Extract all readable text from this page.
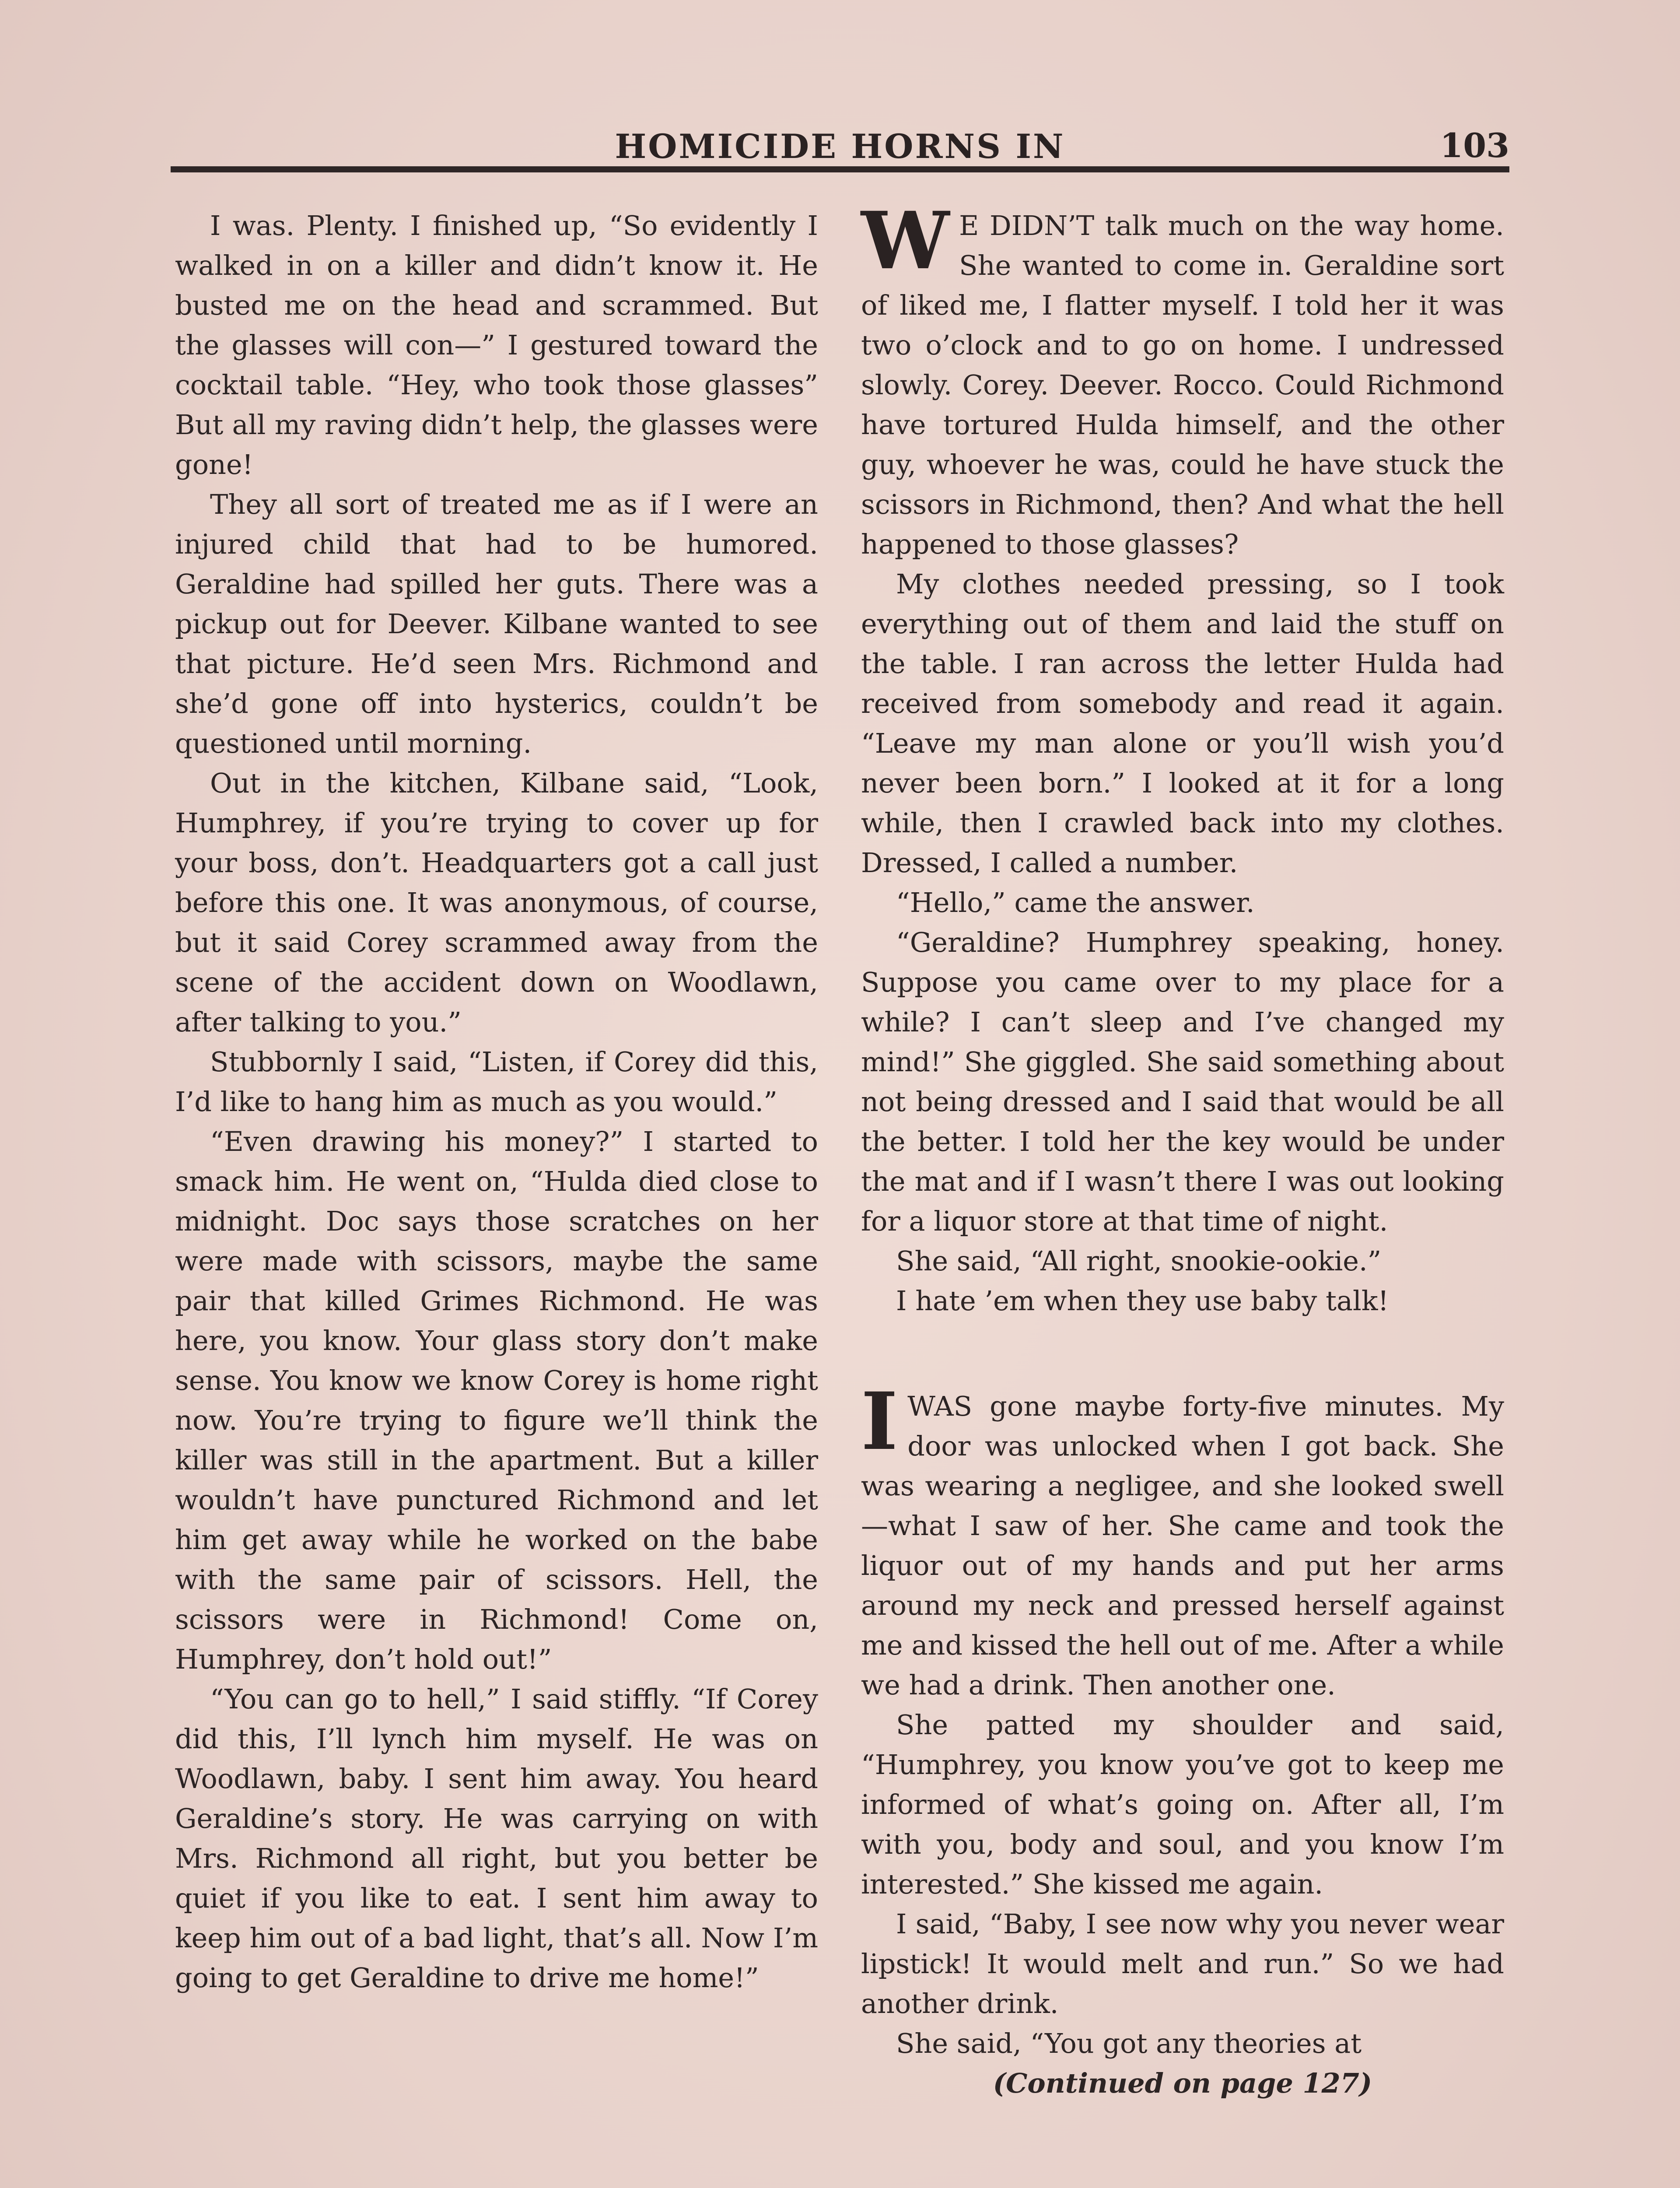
HOMICIDE HORNS IN	103

I was. Plenty. I finished up, “So evidently I walked in on a killer and didn’t know it. He busted me on the head and scrammed. But the glasses will con—” I gestured toward the cocktail table. “Hey, who took those glasses” But all my raving didn’t help, the glasses were gone!

They all sort of treated me as if I were an injured child that had to be humored. Geraldine had spilled her guts. There was a pickup out for Deever. Kilbane wanted to see that picture. He’d seen Mrs. Richmond and she’d gone off into hysterics, couldn’t be questioned until morning.

Out in the kitchen, Kilbane said, “Look, Humphrey, if you’re trying to cover up for your boss, don’t. Headquarters got a call just before this one. It was anonymous, of course, but it said Corey scrammed away from the scene of the accident down on Woodlawn, after talking to you.”

Stubbornly I said, “Listen, if Corey did this, I’d like to hang him as much as you would.”

“Even drawing his money?” I started to smack him. He went on, “Hulda died close to midnight. Doc says those scratches on her were made with scissors, maybe the same pair that killed Grimes Richmond. He was here, you know. Your glass story don’t make sense. You know we know Corey is home right now. You’re trying to figure we’ll think the killer was still in the apartment. But a killer wouldn’t have punctured Richmond and let him get away while he worked on the babe with the same pair of scissors. Hell, the scissors were in Richmond! Come on, Humphrey, don’t hold out!”

“You can go to hell,” I said stiffly. “If Corey did this, I’ll lynch him myself. He was on Woodlawn, baby. I sent him away. You heard Geraldine’s story. He was carrying on with Mrs. Richmond all right, but you better be quiet if you like to eat. I sent him away to keep him out of a bad light, that’s all. Now I’m going to get Geraldine to drive me home!”

W E DIDN’T talk much on the way home. She wanted to come in. Geraldine sort of liked me, I flatter myself. I told her it was two o’clock and to go on home. I undressed slowly. Corey. Deever. Rocco. Could Richmond have tortured Hulda himself, and the other guy, whoever he was, could he have stuck the scissors in Richmond, then? And what the hell happened to those glasses?

My clothes needed pressing, so I took everything out of them and laid the stuff on the table. I ran across the letter Hulda had received from somebody and read it again. “Leave my man alone or you’ll wish you’d never been born.” I looked at it for a long while, then I crawled back into my clothes. Dressed, I called a number.

“Hello,” came the answer.

“Geraldine? Humphrey speaking, honey. Suppose you came over to my place for a while? I can’t sleep and I’ve changed my mind!” She giggled. She said something about not being dressed and I said that would be all the better. I told her the key would be under the mat and if I wasn’t there I was out looking for a liquor store at that time of night.

She said, “All right, snookie-ookie.”

I hate ’em when they use baby talk!

IWAS gone maybe forty-five minutes. My door was unlocked when I got back. She was wearing a negligee, and she looked swell—what I saw of her. She came and took the liquor out of my hands and put her arms around my neck and pressed herself against me and kissed the hell out of me. After a while we had a drink. Then another one.

She patted my shoulder and said, “Humphrey, you know you’ve got to keep me informed of what’s going on. After all, I’m with you, body and soul, and you know I’m interested.” She kissed me again.

I said, “Baby, I see now why you never wear lipstick! It would melt and run.” So we had another drink.

She said, “You got any theories at

(Continued on page 127)
